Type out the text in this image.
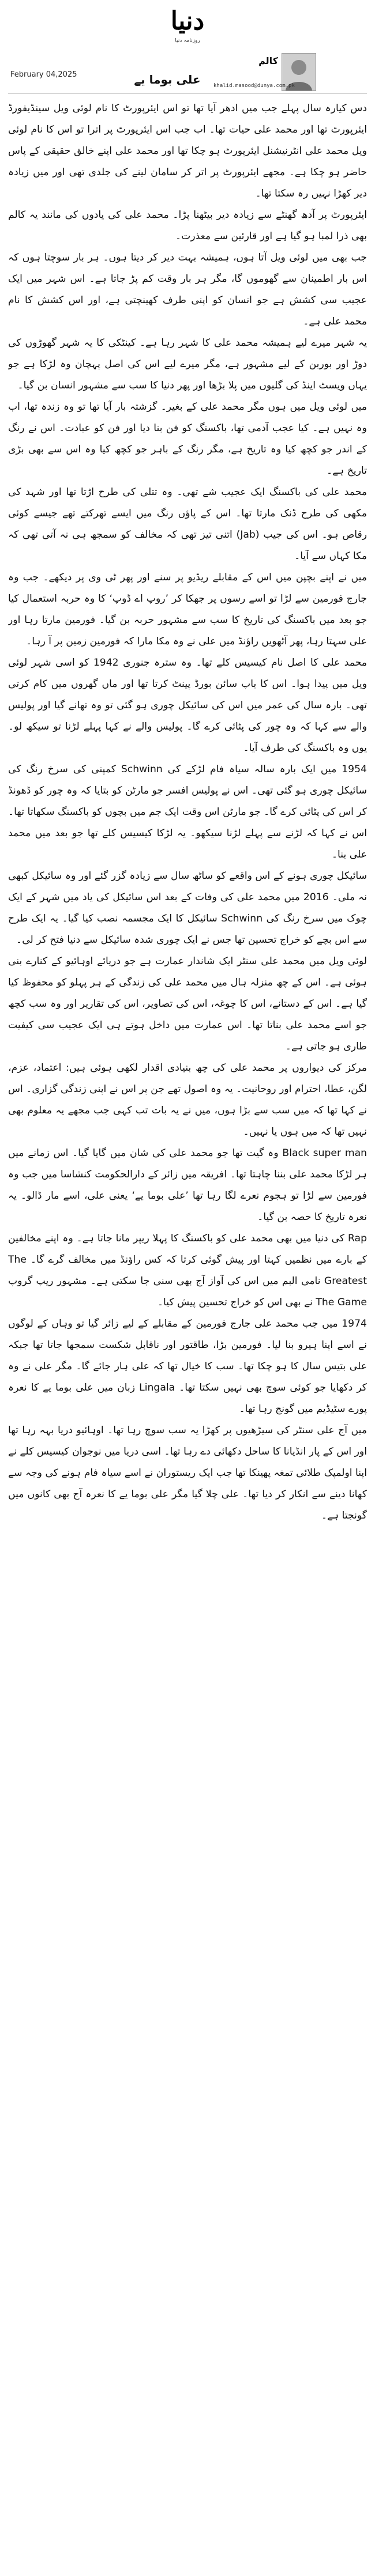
دنیا
روزنامہ دنیا
کالم
khalid.masood@dunya.com.pk
February 04,2025	علی بوما یے

دس کیارہ سال پہلے جب میں ادھر آیا تھا تو اس ایئرپورٹ کا نام لوئی ویل سینڈیفورڈ ایئرپورٹ تھا اور محمد علی حیات تھا۔ اب جب اس ایئرپورٹ پر اترا تو اس کا نام لوئی ویل محمد علی انٹرنیشنل ایئرپورٹ ہو چکا تھا اور محمد علی اپنے خالق حقیقی کے پاس حاضر ہو چکا ہے۔ مجھے ایئرپورٹ پر اتر کر سامان لینے کی جلدی تھی اور میں زیادہ دیر کھڑا نہیں رہ سکتا تھا۔

ایئرپورٹ پر آدھ گھنٹے سے زیادہ دیر بیٹھنا پڑا۔ محمد علی کی یادوں کی مانند یہ کالم بھی ذرا لمبا ہو گیا ہے اور قارئین سے معذرت۔

جب بھی میں لوئی ویل آتا ہوں، ہمیشہ بہت دیر کر دیتا ہوں۔ ہر بار سوچتا ہوں کہ اس بار اطمینان سے گھوموں گا، مگر ہر بار وقت کم پڑ جاتا ہے۔ اس شہر میں ایک عجیب سی کشش ہے جو انسان کو اپنی طرف کھینچتی ہے، اور اس کشش کا نام محمد علی ہے۔

یہ شہر میرے لیے ہمیشہ محمد علی کا شہر رہا ہے۔ کینٹکی کا یہ شہر گھوڑوں کی دوڑ اور بوربن کے لیے مشہور ہے، مگر میرے لیے اس کی اصل پہچان وہ لڑکا ہے جو یہاں ویسٹ اینڈ کی گلیوں میں پلا بڑھا اور پھر دنیا کا سب سے مشہور انسان بن گیا۔

میں لوئی ویل میں ہوں مگر محمد علی کے بغیر۔ گزشتہ بار آیا تھا تو وہ زندہ تھا، اب وہ نہیں ہے۔ کیا عجب آدمی تھا، باکسنگ کو فن بنا دیا اور فن کو عبادت۔ اس نے رنگ کے اندر جو کچھ کیا وہ تاریخ ہے، مگر رنگ کے باہر جو کچھ کیا وہ اس سے بھی بڑی تاریخ ہے۔

محمد علی کی باکسنگ ایک عجیب شے تھی۔ وہ تتلی کی طرح اڑتا تھا اور شہد کی مکھی کی طرح ڈنک مارتا تھا۔ اس کے پاؤں رنگ میں ایسے تھرکتے تھے جیسے کوئی رقاص ہو۔ اس کی جیب (Jab) اتنی تیز تھی کہ مخالف کو سمجھ ہی نہ آتی تھی کہ مکا کہاں سے آیا۔

میں نے اپنے بچپن میں اس کے مقابلے ریڈیو پر سنے اور پھر ٹی وی پر دیکھے۔ جب وہ جارج فورمین سے لڑا تو اسے رسوں پر جھکا کر ’روپ اے ڈوپ‘ کا وہ حربہ استعمال کیا جو بعد میں باکسنگ کی تاریخ کا سب سے مشہور حربہ بن گیا۔ فورمین مارتا رہا اور علی سہتا رہا، پھر آٹھویں راؤنڈ میں علی نے وہ مکا مارا کہ فورمین زمین پر آ رہا۔

محمد علی کا اصل نام کیسیس کلے تھا۔ وہ سترہ جنوری 1942 کو اسی شہر لوئی ویل میں پیدا ہوا۔ اس کا باپ سائن بورڈ پینٹ کرتا تھا اور ماں گھروں میں کام کرتی تھی۔ بارہ سال کی عمر میں اس کی سائیکل چوری ہو گئی تو وہ تھانے گیا اور پولیس والے سے کہا کہ وہ چور کی پٹائی کرے گا۔ پولیس والے نے کہا پہلے لڑنا تو سیکھ لو۔ یوں وہ باکسنگ کی طرف آیا۔

1954 میں ایک بارہ سالہ سیاہ فام لڑکے کی Schwinn کمپنی کی سرخ رنگ کی سائیکل چوری ہو گئی تھی۔ اس نے پولیس افسر جو مارٹن کو بتایا کہ وہ چور کو ڈھونڈ کر اس کی پٹائی کرے گا۔ جو مارٹن اس وقت ایک جم میں بچوں کو باکسنگ سکھاتا تھا۔ اس نے کہا کہ لڑنے سے پہلے لڑنا سیکھو۔ یہ لڑکا کیسیس کلے تھا جو بعد میں محمد علی بنا۔

سائیکل چوری ہونے کے اس واقعے کو ساٹھ سال سے زیادہ گزر گئے اور وہ سائیکل کبھی نہ ملی۔ 2016 میں محمد علی کی وفات کے بعد اس سائیکل کی یاد میں شہر کے ایک چوک میں سرخ رنگ کی Schwinn سائیکل کا ایک مجسمہ نصب کیا گیا۔ یہ ایک طرح سے اس بچے کو خراج تحسین تھا جس نے ایک چوری شدہ سائیکل سے دنیا فتح کر لی۔

لوئی ویل میں محمد علی سنٹر ایک شاندار عمارت ہے جو دریائے اوہائیو کے کنارے بنی ہوئی ہے۔ اس کے چھ منزلہ ہال میں محمد علی کی زندگی کے ہر پہلو کو محفوظ کیا گیا ہے۔ اس کے دستانے، اس کا چوغہ، اس کی تصاویر، اس کی تقاریر اور وہ سب کچھ جو اسے محمد علی بناتا تھا۔ اس عمارت میں داخل ہوتے ہی ایک عجیب سی کیفیت طاری ہو جاتی ہے۔

مرکز کی دیواروں پر محمد علی کی چھ بنیادی اقدار لکھی ہوئی ہیں: اعتماد، عزم، لگن، عطا، احترام اور روحانیت۔ یہ وہ اصول تھے جن پر اس نے اپنی زندگی گزاری۔ اس نے کہا تھا کہ میں سب سے بڑا ہوں، میں نے یہ بات تب کہی جب مجھے یہ معلوم بھی نہیں تھا کہ میں ہوں یا نہیں۔

Black super man وہ گیت تھا جو محمد علی کی شان میں گایا گیا۔ اس زمانے میں ہر لڑکا محمد علی بننا چاہتا تھا۔ افریقہ میں زائر کے دارالحکومت کنشاسا میں جب وہ فورمین سے لڑا تو ہجوم نعرے لگا رہا تھا ’علی بوما یے‘ یعنی علی، اسے مار ڈالو۔ یہ نعرہ تاریخ کا حصہ بن گیا۔

Rap کی دنیا میں بھی محمد علی کو باکسنگ کا پہلا ریپر مانا جاتا ہے۔ وہ اپنے مخالفین کے بارے میں نظمیں کہتا اور پیش گوئی کرتا کہ کس راؤنڈ میں مخالف گرے گا۔ The Greatest نامی البم میں اس کی آواز آج بھی سنی جا سکتی ہے۔ مشہور ریپ گروپ The Game نے بھی اس کو خراج تحسین پیش کیا۔

1974 میں جب محمد علی جارج فورمین کے مقابلے کے لیے زائر گیا تو وہاں کے لوگوں نے اسے اپنا ہیرو بنا لیا۔ فورمین بڑا، طاقتور اور ناقابل شکست سمجھا جاتا تھا جبکہ علی بتیس سال کا ہو چکا تھا۔ سب کا خیال تھا کہ علی ہار جائے گا۔ مگر علی نے وہ کر دکھایا جو کوئی سوچ بھی نہیں سکتا تھا۔ Lingala زبان میں علی بوما یے کا نعرہ پورے سٹیڈیم میں گونج رہا تھا۔

میں آج علی سنٹر کی سیڑھیوں پر کھڑا یہ سب سوچ رہا تھا۔ اوہائیو دریا بہہ رہا تھا اور اس کے پار انڈیانا کا ساحل دکھائی دے رہا تھا۔ اسی دریا میں نوجوان کیسیس کلے نے اپنا اولمپک طلائی تمغہ پھینکا تھا جب ایک ریستوران نے اسے سیاہ فام ہونے کی وجہ سے کھانا دینے سے انکار کر دیا تھا۔ علی چلا گیا مگر علی بوما یے کا نعرہ آج بھی کانوں میں گونجتا ہے۔
